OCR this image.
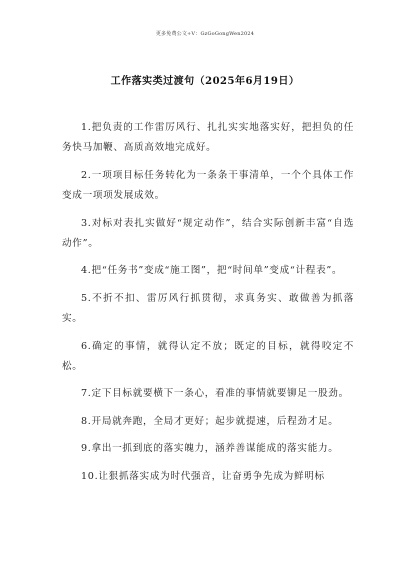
更多免费公文+V：GzGoGongWen2024
工作落实类过渡句（2025年6月19日）

1.把负责的工作雷厉风行、扎扎实实地落实好，把担负的任务快马加鞭、高质高效地完成好。

2.一项项目标任务转化为一条条干事清单，一个个具体工作变成一项项发展成效。

3.对标对表扎实做好“规定动作”，结合实际创新丰富“自选动作”。

4.把“任务书”变成“施工图”，把“时间单”变成“计程表”。

5.不折不扣、雷厉风行抓贯彻，求真务实、敢做善为抓落实。

6.确定的事情，就得认定不放；既定的目标，就得咬定不松。

7.定下目标就要横下一条心，看准的事情就要铆足一股劲。

8.开局就奔跑，全局才更好；起步就提速，后程劲才足。

9.拿出一抓到底的落实魄力，涵养善谋能成的落实能力。

10.让狠抓落实成为时代强音，让奋勇争先成为鲜明标
